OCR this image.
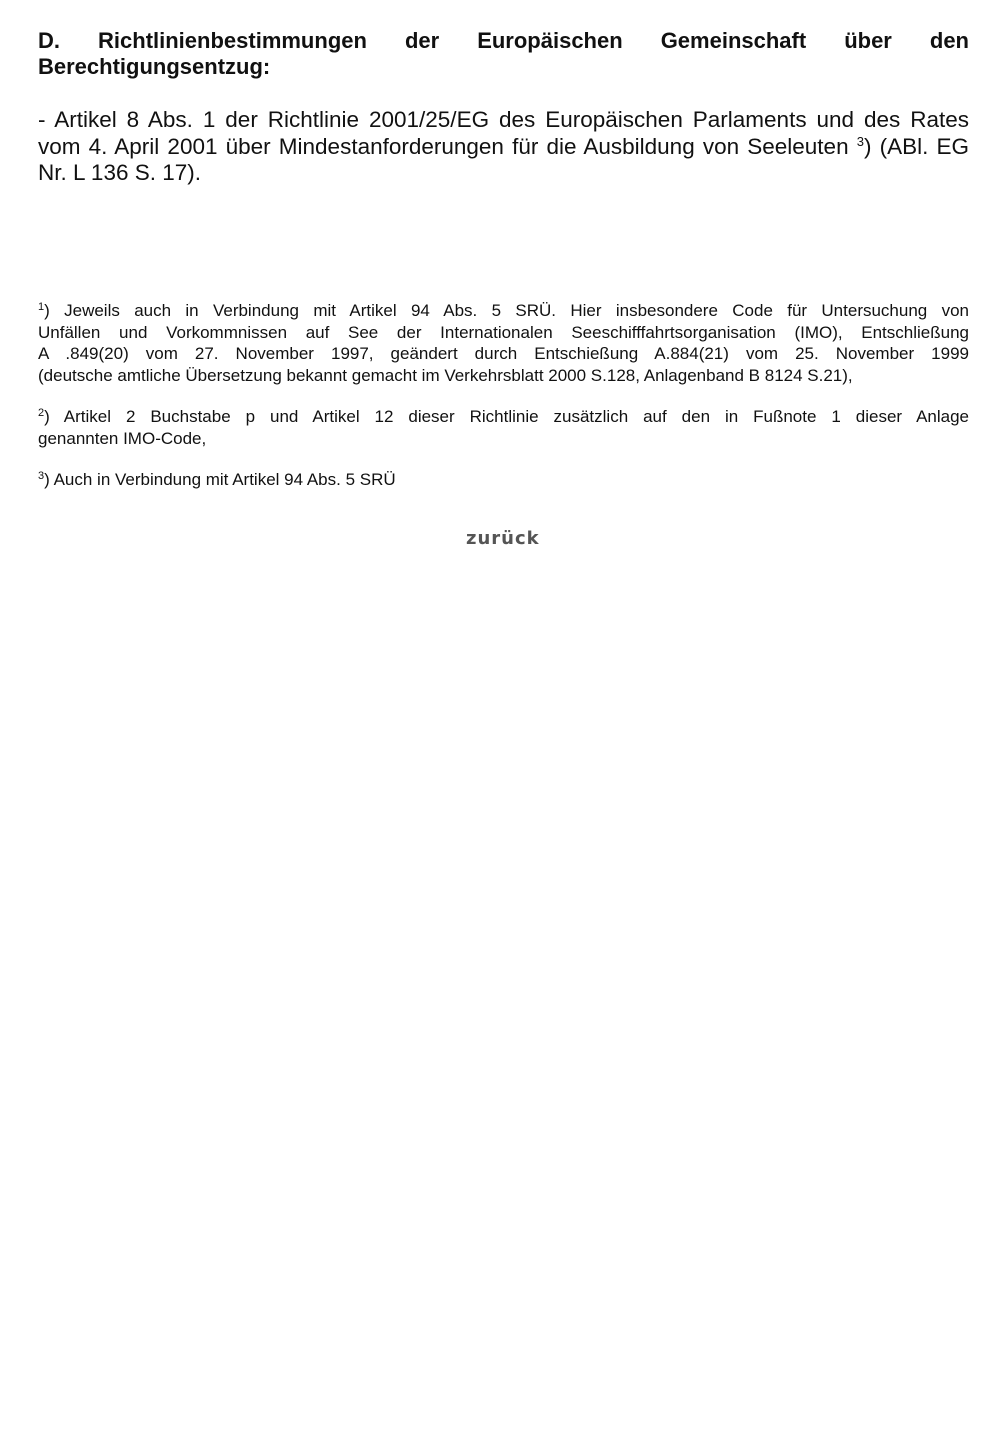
D. Richtlinienbestimmungen der Europäischen Gemeinschaft über den
Berechtigungsentzug:
- Artikel 8 Abs. 1 der Richtlinie 2001/25/EG des Europäischen Parlaments und des Rates
vom 4. April 2001 über Mindestanforderungen für die Ausbildung von Seeleuten $^3$) (ABl. EG
Nr. L 136 S. 17).

$^1$) Jeweils auch in Verbindung mit Artikel 94 Abs. 5 SRÜ. Hier insbesondere Code für Untersuchung von
Unfällen und Vorkommnissen auf See der Internationalen Seeschifffahrtsorganisation (IMO), Entschließung
A .849(20) vom 27. November 1997, geändert durch Entschießung A.884(21) vom 25. November 1999
(deutsche amtliche Übersetzung bekannt gemacht im Verkehrsblatt 2000 S.128, Anlagenband B 8124 S.21),

$^2$) Artikel 2 Buchstabe p und Artikel 12 dieser Richtlinie zusätzlich auf den in Fußnote 1 dieser Anlage
genannten IMO-Code,

$^3$) Auch in Verbindung mit Artikel 94 Abs. 5 SRÜ

zurück
